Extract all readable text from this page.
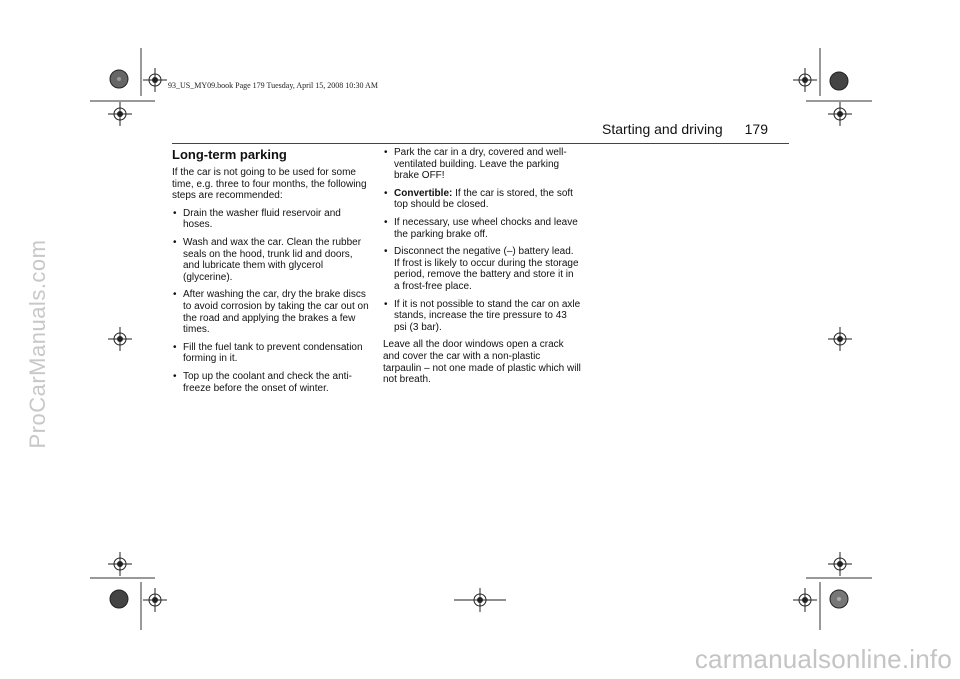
93_US_MY09.book Page 179 Tuesday, April 15, 2008 10:30 AM
ProCarManuals.com
Starting and driving 179
Long-term parking

If the car is not going to be used for some time, e.g. three to four months, the following steps are recommended:

• Drain the washer fluid reservoir and hoses.
• Wash and wax the car. Clean the rubber seals on the hood, trunk lid and doors, and lubricate them with glycerol (glycerine).
• After washing the car, dry the brake discs to avoid corrosion by taking the car out on the road and applying the brakes a few times.
• Fill the fuel tank to prevent condensation forming in it.
• Top up the coolant and check the anti-freeze before the onset of winter.
• Park the car in a dry, covered and well-ventilated building. Leave the parking brake OFF!
• Convertible: If the car is stored, the soft top should be closed.
• If necessary, use wheel chocks and leave the parking brake off.
• Disconnect the negative (–) battery lead. If frost is likely to occur during the storage period, remove the battery and store it in a frost-free place.
• If it is not possible to stand the car on axle stands, increase the tire pressure to 43 psi (3 bar).

Leave all the door windows open a crack and cover the car with a non-plastic tarpaulin – not one made of plastic which will not breath.

carmanualsonline.info
